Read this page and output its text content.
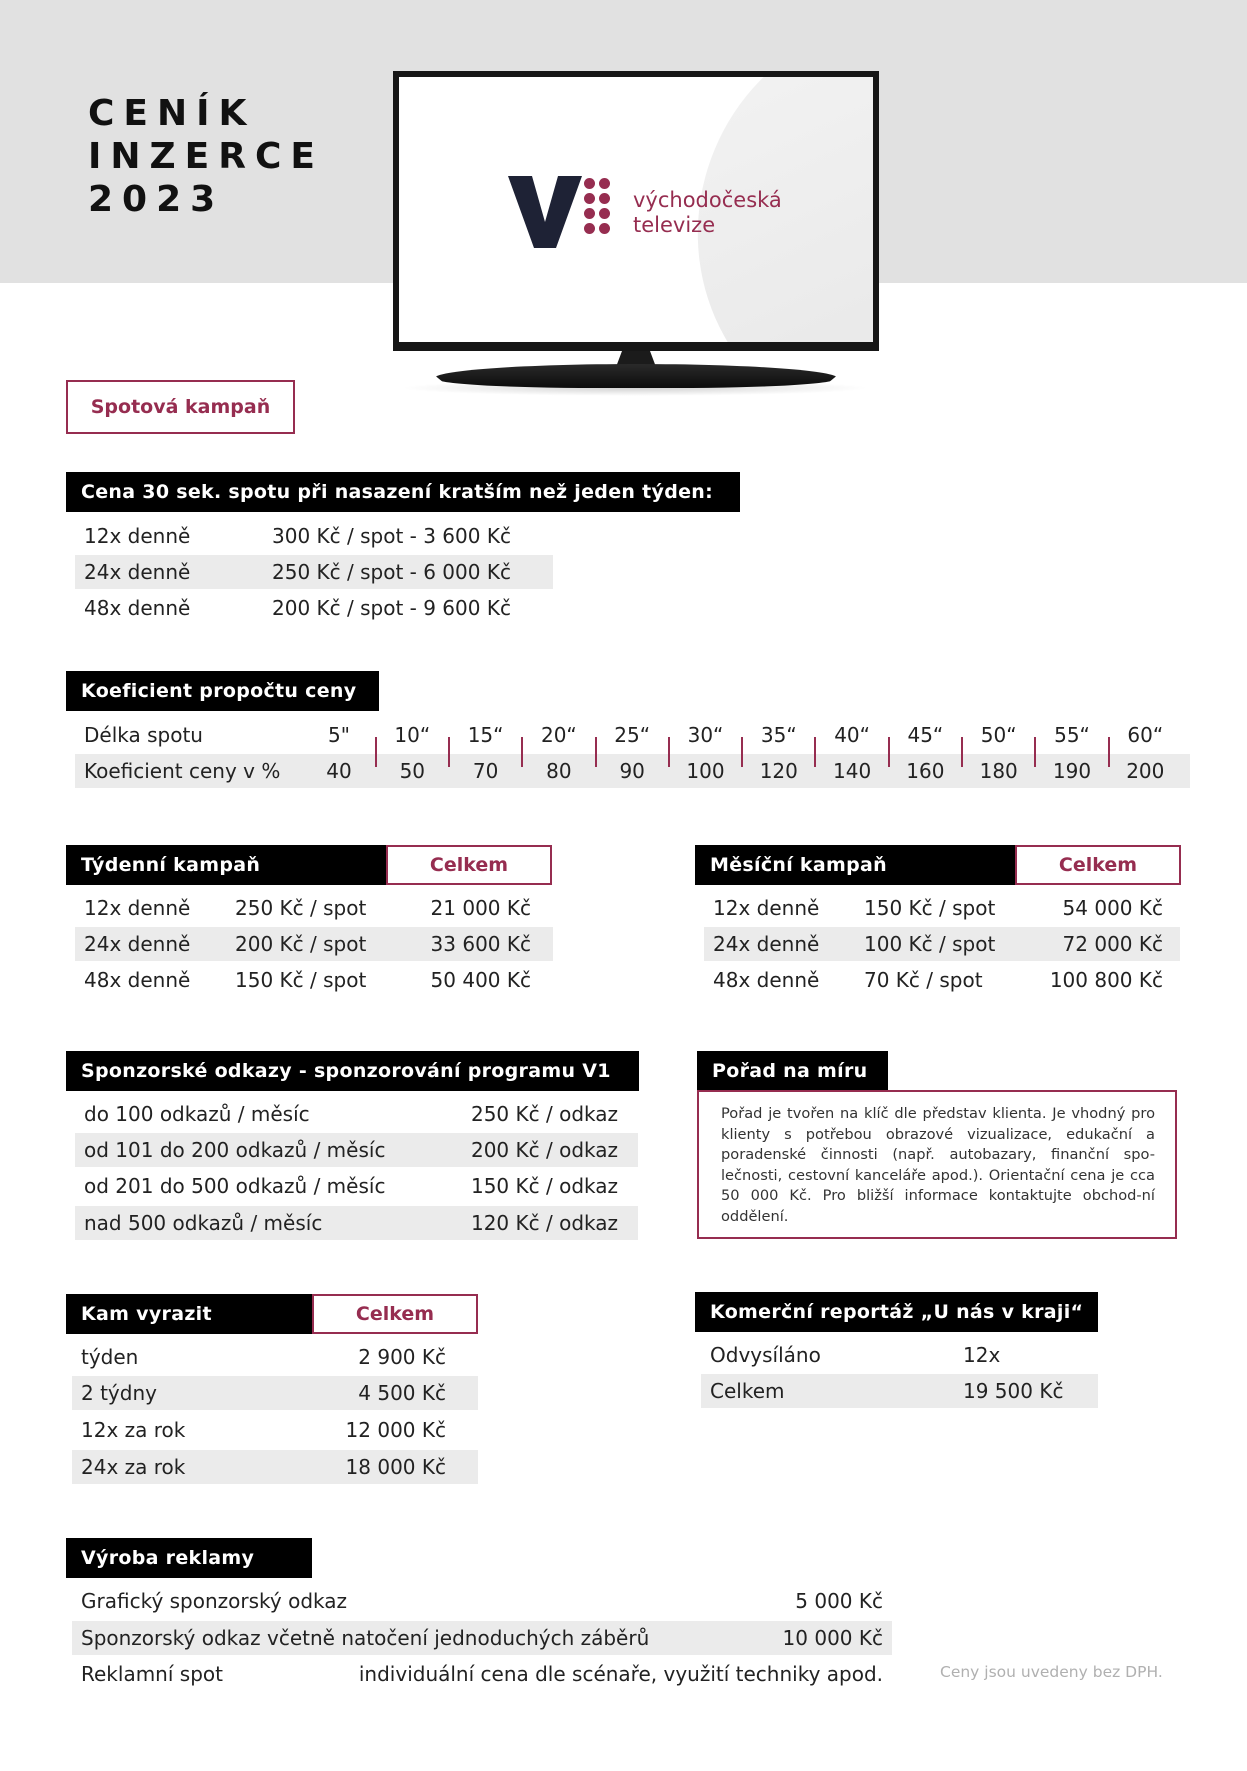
CENÍK
INZERCE
2023	východočeská
televize
Spotová kampaň
Cena 30 sek. spotu při nasazení kratším než jeden týden:
12x denně	300 Kč / spot - 3 600 Kč
24x denně	250 Kč / spot - 6 000 Kč
48x denně	200 Kč / spot - 9 600 Kč
Koeficient propočtu ceny
Délka spotu	5"	10“	15“	20“	25“	30“	35“	40“	45“	50“	55“	60“
Koeficient ceny v %	40	50	70	80	90	100	120	140	160	180	190	200
Týdenní kampaň	Celkem
12x denně 250 Kč / spot	21 000 Kč
24x denně 200 Kč / spot	33 600 Kč
48x denně 150 Kč / spot	50 400 Kč
Měsíční kampaň	Celkem
12x denně 150 Kč / spot	54 000 Kč
24x denně 100 Kč / spot	72 000 Kč
48x denně 70 Kč / spot	100 800 Kč
Sponzorské odkazy - sponzorování programu V1
do 100 odkazů / měsíc	250 Kč / odkaz
od 101 do 200 odkazů / měsíc	200 Kč / odkaz
od 201 do 500 odkazů / měsíc	150 Kč / odkaz
nad 500 odkazů / měsíc	120 Kč / odkaz
Pořad na míru
Pořad je tvořen na klíč dle představ klienta. Je vhodný pro klienty s potřebou obrazové vizualizace, edukační a poradenské činnosti (např. autobazary, finanční spo-lečnosti, cestovní kanceláře apod.). Orientační cena je cca 50 000 Kč. Pro bližší informace kontaktujte obchod-ní oddělení.
Kam vyrazit	Celkem
týden	2 900 Kč
2 týdny	4 500 Kč
12x za rok	12 000 Kč
24x za rok	18 000 Kč
Komerční reportáž „U nás v kraji“
Odvysíláno	12x
Celkem	19 500 Kč
Výroba reklamy
Grafický sponzorský odkaz	5 000 Kč
Sponzorský odkaz včetně natočení jednoduchých záběrů	10 000 Kč
Reklamní spot	individuální cena dle scénaře, využití techniky apod.	Ceny jsou uvedeny bez DPH.
